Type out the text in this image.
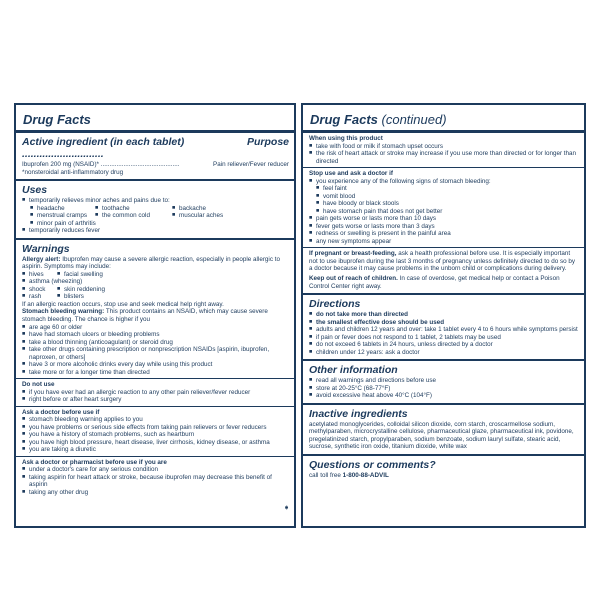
Drug Facts
Active ingredient (in each tablet) ............................
Purpose
Ibuprofen 200 mg (NSAID)* .............................................	Pain reliever/Fever reducer
*nonsteroidal anti-inflammatory drug
Uses
■ temporarily relieves minor aches and pains due to:
■ headache	■ toothache	■ backache
■ menstrual cramps	■ the common cold	■ muscular aches
■ minor pain of arthritis
■ temporarily reduces fever
Warnings
Allergy alert: Ibuprofen may cause a severe allergic reaction, especially in people allergic to aspirin. Symptoms may include:
■ hives	■ facial swelling
■ asthma (wheezing)
■ shock	■ skin reddening
■ rash	■ blisters
If an allergic reaction occurs, stop use and seek medical help right away.
Stomach bleeding warning: This product contains an NSAID, which may cause severe stomach bleeding. The chance is higher if you
■ are age 60 or older
■ have had stomach ulcers or bleeding problems
■ take a blood thinning (anticoagulant) or steroid drug
■ take other drugs containing prescription or nonprescription NSAIDs [aspirin, ibuprofen, naproxen, or others]
■ have 3 or more alcoholic drinks every day while using this product
■ take more or for a longer time than directed
Do not use
■ if you have ever had an allergic reaction to any other pain reliever/fever reducer
■ right before or after heart surgery
Ask a doctor before use if
■ stomach bleeding warning applies to you
■ you have problems or serious side effects from taking pain relievers or fever reducers
■ you have a history of stomach problems, such as heartburn
■ you have high blood pressure, heart disease, liver cirrhosis, kidney disease, or asthma
■ you are taking a diuretic
Ask a doctor or pharmacist before use if you are
■ under a doctor's care for any serious condition
■ taking aspirin for heart attack or stroke, because ibuprofen may decrease this benefit of aspirin
■ taking any other drug
➧
Drug Facts (continued)
When using this product
■ take with food or milk if stomach upset occurs
■ the risk of heart attack or stroke may increase if you use more than directed or for longer than directed
Stop use and ask a doctor if
■ you experience any of the following signs of stomach bleeding:
■ feel faint
■ vomit blood
■ have bloody or black stools
■ have stomach pain that does not get better
■ pain gets worse or lasts more than 10 days
■ fever gets worse or lasts more than 3 days
■ redness or swelling is present in the painful area
■ any new symptoms appear
If pregnant or breast-feeding, ask a health professional before use. It is especially important not to use ibuprofen during the last 3 months of pregnancy unless definitely directed to do so by a doctor because it may cause problems in the unborn child or complications during delivery.
Keep out of reach of children. In case of overdose, get medical help or contact a Poison Control Center right away.
Directions
■ do not take more than directed
■ the smallest effective dose should be used
■ adults and children 12 years and over: take 1 tablet every 4 to 6 hours while symptoms persist
■ if pain or fever does not respond to 1 tablet, 2 tablets may be used
■ do not exceed 6 tablets in 24 hours, unless directed by a doctor
■ children under 12 years: ask a doctor
Other information
■ read all warnings and directions before use
■ store at 20-25°C (68-77°F)
■ avoid excessive heat above 40°C (104°F)
Inactive ingredients
acetylated monoglycerides, colloidal silicon dioxide, corn starch, croscarmellose sodium, methylparaben, microcrystalline cellulose, pharmaceutical glaze, pharmaceutical ink, povidone, pregelatinized starch, propylparaben, sodium benzoate, sodium lauryl sulfate, stearic acid, sucrose, synthetic iron oxide, titanium dioxide, white wax
Questions or comments?
call toll free 1-800-88-ADVIL
